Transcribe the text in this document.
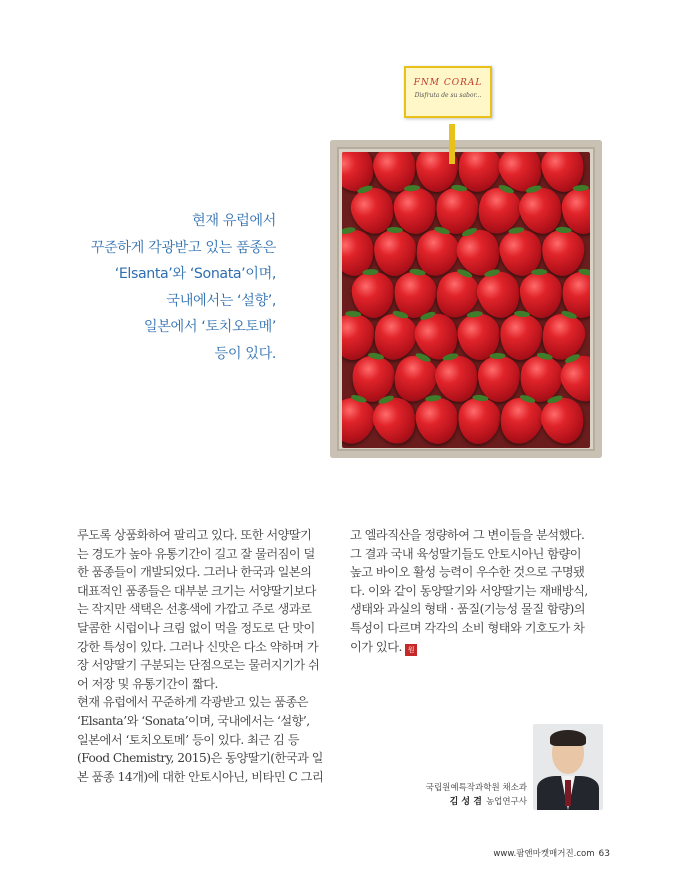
현재 유럽에서
꾸준하게 각광받고 있는 품종은
‘Elsanta’와 ‘Sonata’이며,
국내에서는 ‘설향’,
일본에서 ‘토치오토메’
등이 있다.
FNM CORAL
Disfruta de su sabor...
루도록 상품화하여 팔리고 있다. 또한 서양딸기
는 경도가 높아 유통기간이 길고 잘 물러짐이 덜
한 품종들이 개발되었다. 그러나 한국과 일본의
대표적인 품종들은 대부분 크기는 서양딸기보다
는 작지만 색택은 선홍색에 가깝고 주로 생과로
달콤한 시럽이나 크림 없이 먹을 정도로 단 맛이
강한 특성이 있다. 그러나 신맛은 다소 약하며 가
장 서양딸기 구분되는 단점으로는 물러지기가 쉬
어 저장 및 유통기간이 짧다.
현재 유럽에서 꾸준하게 각광받고 있는 품종은
‘Elsanta’와 ‘Sonata’이며, 국내에서는 ‘설향’,
일본에서 ‘토치오토메’ 등이 있다. 최근 김 등
(Food Chemistry, 2015)은 동양딸기(한국과 일
본 품종 14개)에 대한 안토시아닌, 비타민 C 그리
고 엘라직산을 정량하여 그 변이들을 분석했다.
그 결과 국내 육성딸기들도 안토시아닌 함량이
높고 바이오 활성 능력이 우수한 것으로 구명됐
다. 이와 같이 동양딸기와 서양딸기는 재배방식,
생태와 과실의 형태 · 품질(기능성 물질 함량)의
특성이 다르며 각각의 소비 형태와 기호도가 차
이가 있다. 원
국립원예특작과학원 채소과
김 성 겸 농업연구사
www.팜앤마켓매거진.com 63
